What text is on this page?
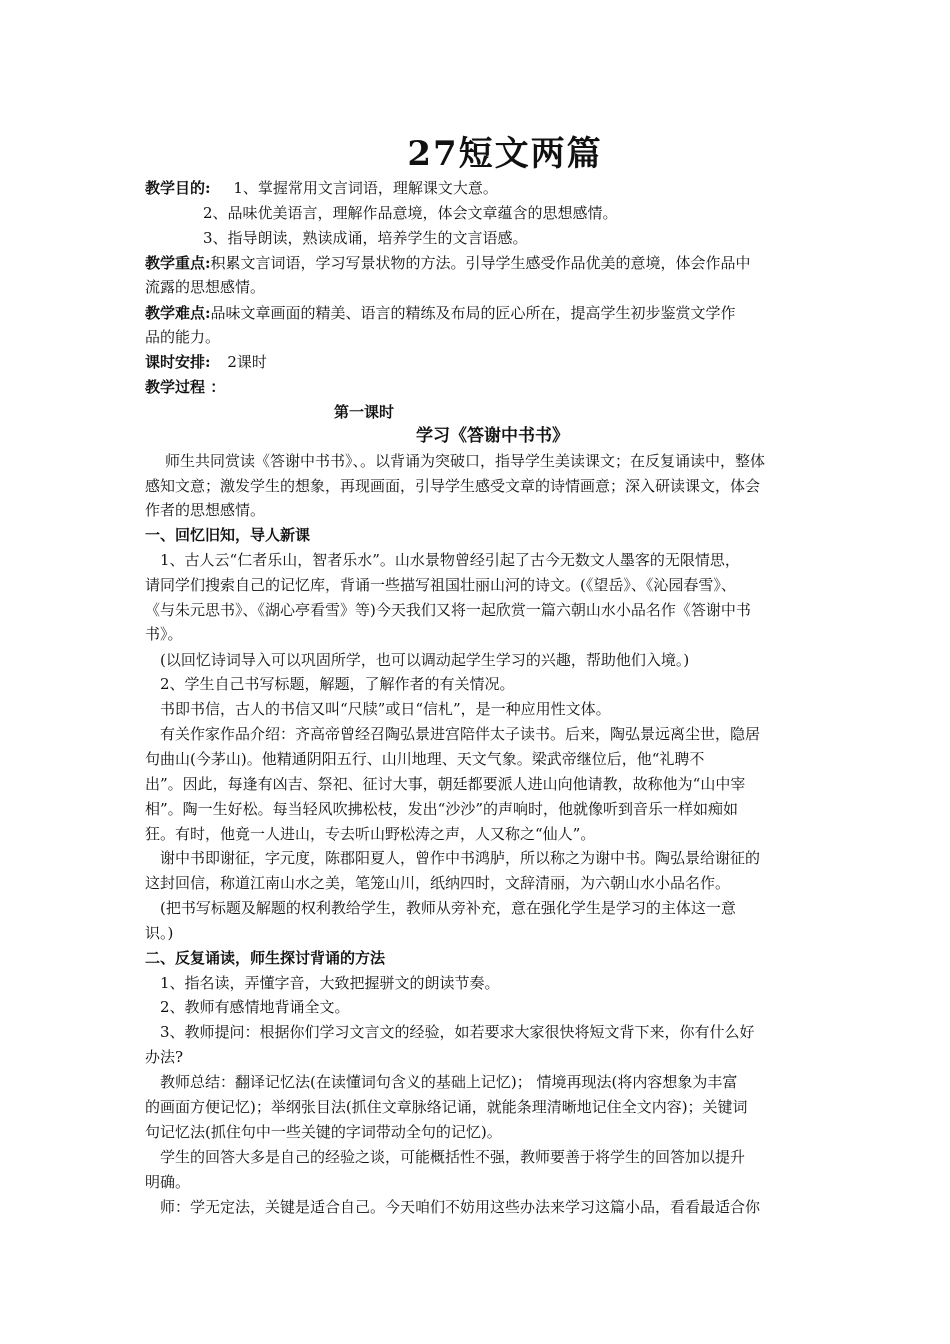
27短文两篇
教学目的: 1、掌握常用文言词语，理解课文大意。
2、品味优美语言，理解作品意境，体会文章蕴含的思想感情。
3、指导朗读，熟读成诵，培养学生的文言语感。
教学重点:积累文言词语，学习写景状物的方法。引导学生感受作品优美的意境，体会作品中
流露的思想感情。
教学难点:品味文章画面的精美、语言的精练及布局的匠心所在，提高学生初步鉴赏文学作
品的能力。
课时安排: 2课时
教学过程 ：
第一课时
学习《答谢中书书》
师生共同赏读《答谢中书书》、。以背诵为突破口，指导学生美读课文；在反复诵读中，整体
感知文意；激发学生的想象，再现画面，引导学生感受文章的诗情画意；深入研读课文，体会
作者的思想感情。
一、回忆旧知，导人新课
1、古人云“仁者乐山，智者乐水”。山水景物曾经引起了古今无数文人墨客的无限情思，
请同学们搜索自己的记忆库，背诵一些描写祖国壮丽山河的诗文。(《望岳》、《沁园春雪》、
《与朱元思书》、《湖心亭看雪》等)今天我们又将一起欣赏一篇六朝山水小品名作《答谢中书
书》。
(以回忆诗词导入可以巩固所学，也可以调动起学生学习的兴趣，帮助他们入境。)
2、学生自己书写标题，解题，了解作者的有关情况。
书即书信，古人的书信又叫“尺牍”或日“信札”，是一种应用性文体。
有关作家作品介绍：齐高帝曾经召陶弘景进宫陪伴太子读书。后来，陶弘景远离尘世，隐居
句曲山(今茅山)。他精通阴阳五行、山川地理、天文气象。梁武帝继位后，他“礼聘不
出”。因此，每逢有凶吉、祭祀、征讨大事，朝廷都要派人进山向他请教，故称他为“山中宰
相”。陶一生好松。每当轻风吹拂松枝，发出“沙沙”的声响时，他就像听到音乐一样如痴如
狂。有时，他竟一人进山，专去听山野松涛之声，人又称之“仙人”。
谢中书即谢征，字元度，陈郡阳夏人，曾作中书鸿胪，所以称之为谢中书。陶弘景给谢征的
这封回信，称道江南山水之美，笔笼山川，纸纳四时，文辞清丽，为六朝山水小品名作。
(把书写标题及解题的权利教给学生，教师从旁补充，意在强化学生是学习的主体这一意
识。)
二、反复诵读，师生探讨背诵的方法
1、指名读，弄懂字音，大致把握骈文的朗读节奏。
2、教师有感情地背诵全文。
3、教师提问：根据你们学习文言文的经验，如若要求大家很快将短文背下来，你有什么好
办法?
教师总结：翻译记忆法(在读懂词句含义的基础上记忆)； 情境再现法(将内容想象为丰富
的画面方便记忆)；举纲张目法(抓住文章脉络记诵，就能条理清晰地记住全文内容)；关键词
句记忆法(抓住句中一些关键的字词带动全句的记忆)。
学生的回答大多是自己的经验之谈，可能概括性不强，教师要善于将学生的回答加以提升
明确。
师：学无定法，关键是适合自己。今天咱们不妨用这些办法来学习这篇小品，看看最适合你
